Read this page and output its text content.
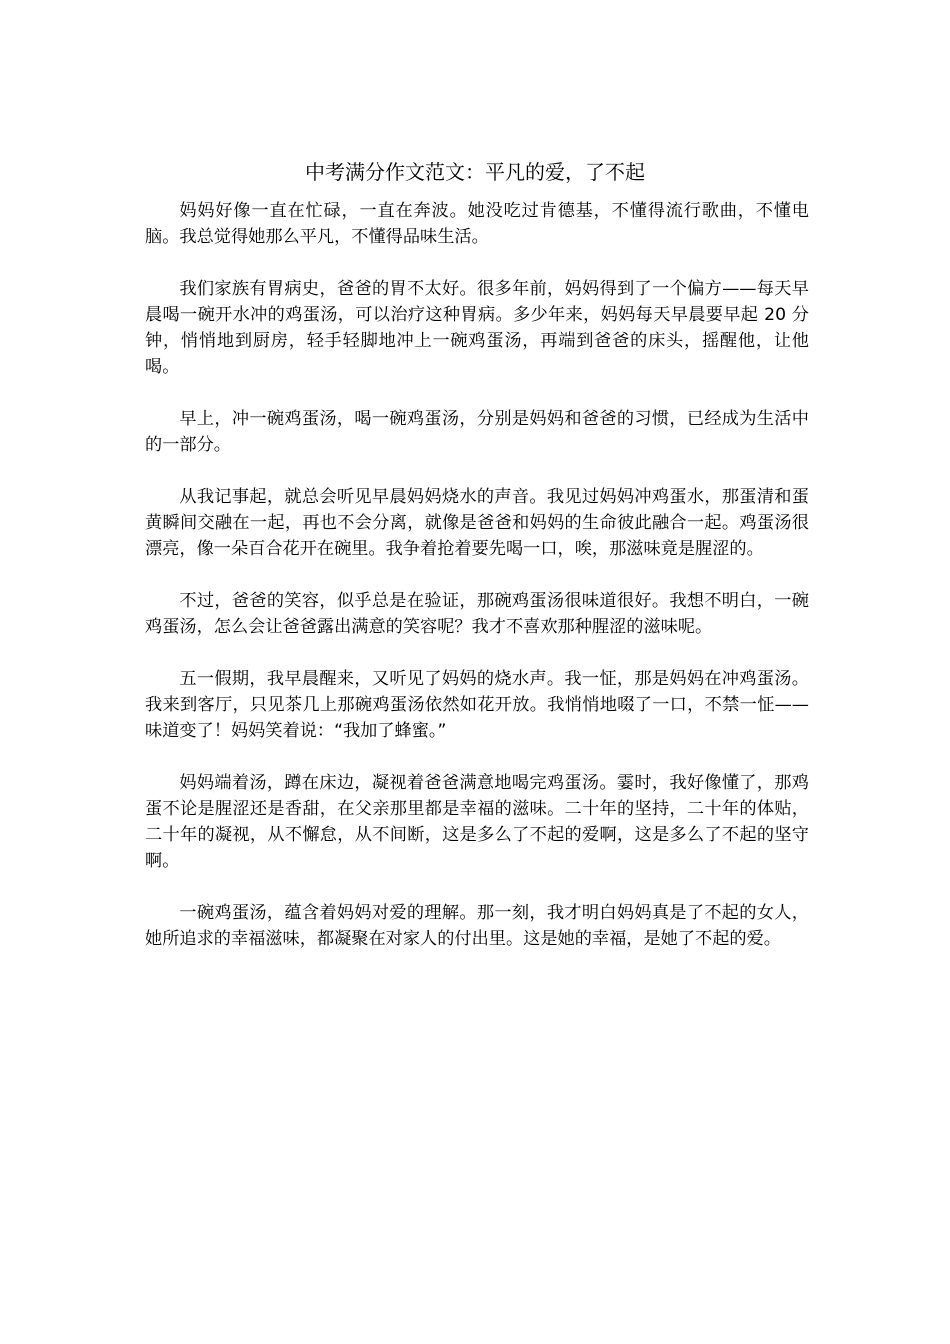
中考满分作文范文：平凡的爱，了不起

妈妈好像一直在忙碌，一直在奔波。她没吃过肯德基，不懂得流行歌曲，不懂电脑。我总觉得她那么平凡，不懂得品味生活。

我们家族有胃病史，爸爸的胃不太好。很多年前，妈妈得到了一个偏方——每天早晨喝一碗开水冲的鸡蛋汤，可以治疗这种胃病。多少年来，妈妈每天早晨要早起 20 分钟，悄悄地到厨房，轻手轻脚地冲上一碗鸡蛋汤，再端到爸爸的床头，摇醒他，让他喝。

早上，冲一碗鸡蛋汤，喝一碗鸡蛋汤，分别是妈妈和爸爸的习惯，已经成为生活中的一部分。

从我记事起，就总会听见早晨妈妈烧水的声音。我见过妈妈冲鸡蛋水，那蛋清和蛋黄瞬间交融在一起，再也不会分离，就像是爸爸和妈妈的生命彼此融合一起。鸡蛋汤很漂亮，像一朵百合花开在碗里。我争着抢着要先喝一口，唉，那滋味竟是腥涩的。

不过，爸爸的笑容，似乎总是在验证，那碗鸡蛋汤很味道很好。我想不明白，一碗鸡蛋汤，怎么会让爸爸露出满意的笑容呢？我才不喜欢那种腥涩的滋味呢。

五一假期，我早晨醒来，又听见了妈妈的烧水声。我一怔，那是妈妈在冲鸡蛋汤。我来到客厅，只见茶几上那碗鸡蛋汤依然如花开放。我悄悄地啜了一口，不禁一怔——味道变了！妈妈笑着说：“我加了蜂蜜。”

妈妈端着汤，蹲在床边，凝视着爸爸满意地喝完鸡蛋汤。霎时，我好像懂了，那鸡蛋不论是腥涩还是香甜，在父亲那里都是幸福的滋味。二十年的坚持，二十年的体贴，二十年的凝视，从不懈怠，从不间断，这是多么了不起的爱啊，这是多么了不起的坚守啊。

一碗鸡蛋汤，蕴含着妈妈对爱的理解。那一刻，我才明白妈妈真是了不起的女人，她所追求的幸福滋味，都凝聚在对家人的付出里。这是她的幸福，是她了不起的爱。
